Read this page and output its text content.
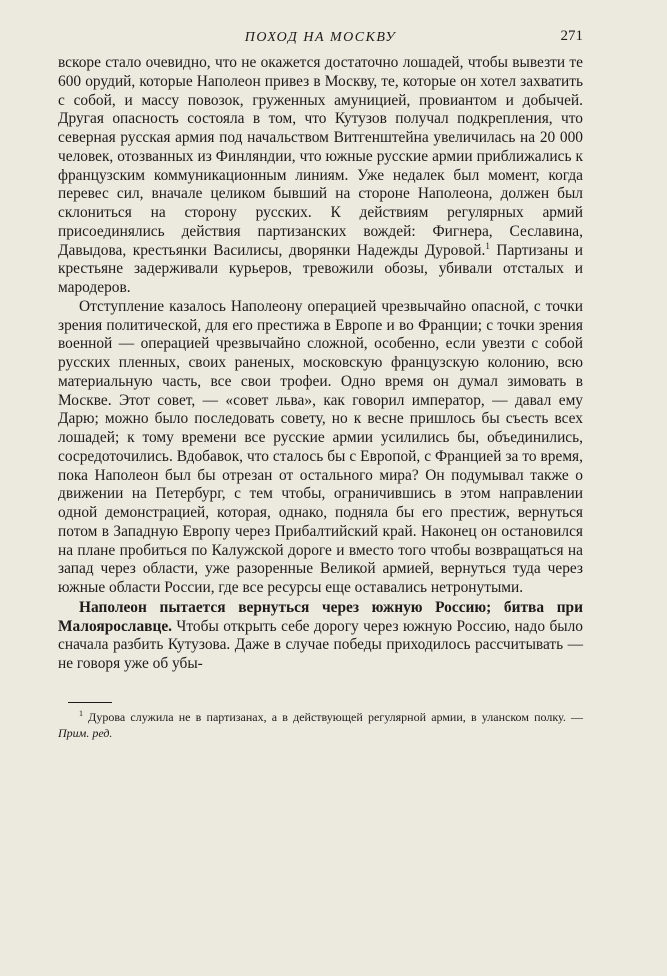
ПОХОД НА МОСКВУ	271

вскоре стало очевидно, что не окажется достаточно лошадей, чтобы вывезти те 600 орудий, которые Наполеон привез в Москву, те, которые он хотел захватить с собой, и массу повозок, груженных амуницией, провиантом и добычей. Другая опасность состояла в том, что Кутузов получал подкрепления, что северная русская армия под начальством Витгенштейна увеличилась на 20 000 человек, отозванных из Финляндии, что южные русские армии приближались к французским коммуникационным линиям. Уже недалек был момент, когда перевес сил, вначале целиком бывший на стороне Наполеона, должен был склониться на сторону русских. К действиям регулярных армий присоединялись действия партизанских вождей: Фигнера, Сеславина, Давыдова, крестьянки Василисы, дворянки Надежды Дуровой.$^1$ Партизаны и крестьяне задерживали курьеров, тревожили обозы, убивали отсталых и мародеров.

Отступление казалось Наполеону операцией чрезвычайно опасной, с точки зрения политической, для его престижа в Европе и во Франции; с точки зрения военной — операцией чрезвычайно сложной, особенно, если увезти с собой русских пленных, своих раненых, московскую французскую колонию, всю материальную часть, все свои трофеи. Одно время он думал зимовать в Москве. Этот совет, — «совет льва», как говорил император, — давал ему Дарю; можно было последовать совету, но к весне пришлось бы съесть всех лошадей; к тому времени все русские армии усилились бы, объединились, сосредоточились. Вдобавок, что сталось бы с Европой, с Францией за то время, пока Наполеон был бы отрезан от остального мира? Он подумывал также о движении на Петербург, с тем чтобы, ограничившись в этом направлении одной демонстрацией, которая, однако, подняла бы его престиж, вернуться потом в Западную Европу через Прибалтийский край. Наконец он остановился на плане пробиться по Калужской дороге и вместо того чтобы возвращаться на запад через области, уже разоренные Великой армией, вернуться туда через южные области России, где все ресурсы еще оставались нетронутыми.

Наполеон пытается вернуться через южную Россию; битва при Малоярославце. Чтобы открыть себе дорогу через южную Россию, надо было сначала разбить Кутузова. Даже в случае победы приходилось рассчитывать — не говоря уже об убы-

$^1$ Дурова служила не в партизанах, а в действующей регулярной армии, в уланском полку. — Прим. ред.
